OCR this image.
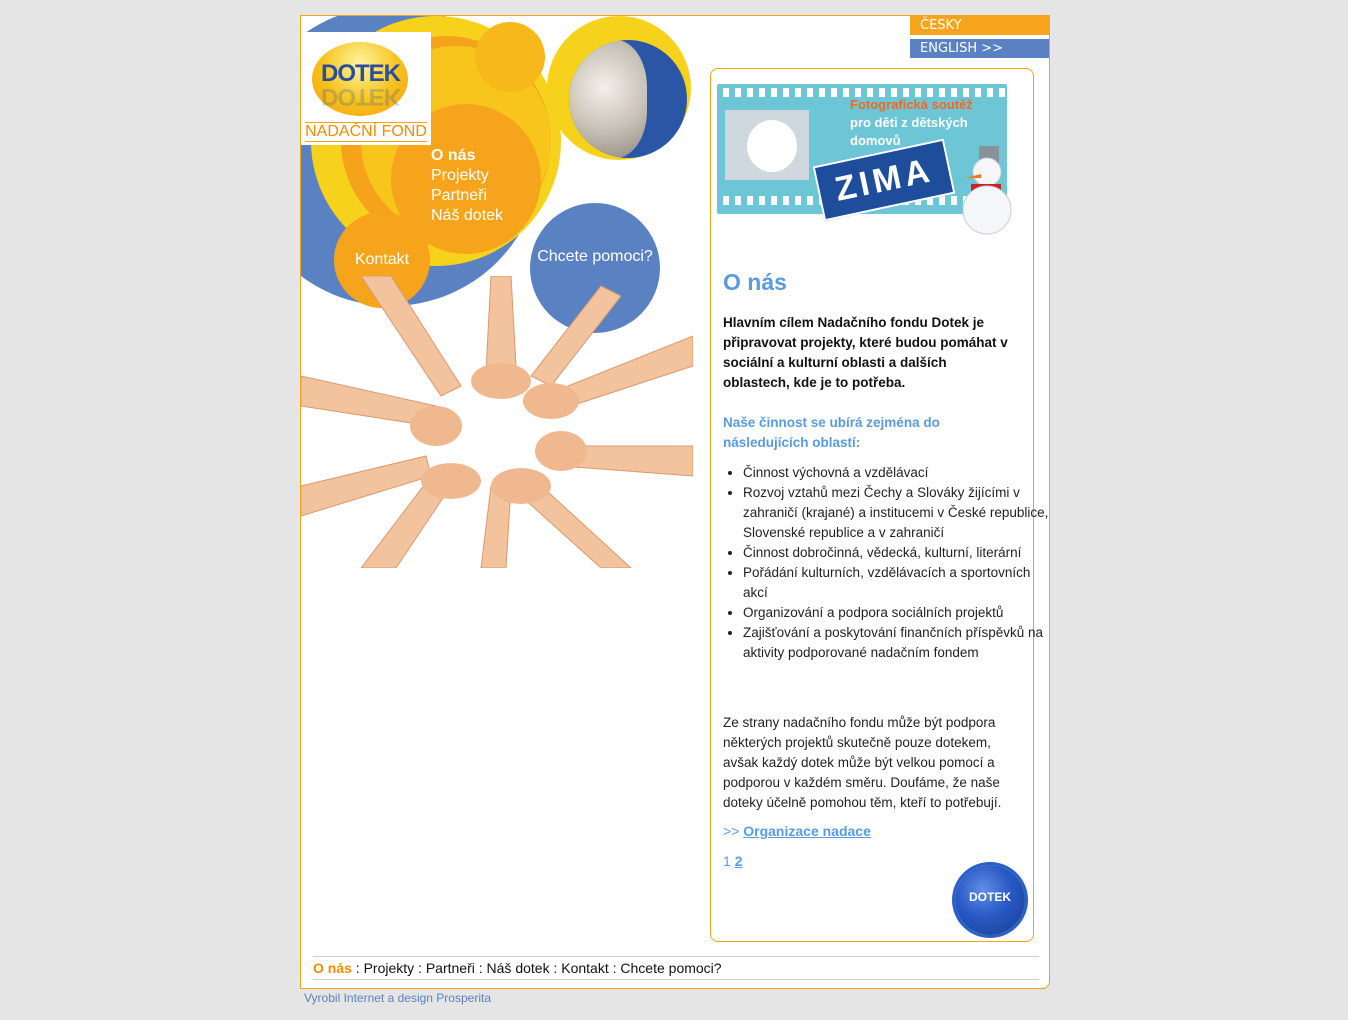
ČESKY
ENGLISH >>
DOTEK
DOTEK
NADAČNÍ FOND
O nás
Projekty
Partneři
Náš dotek
Kontakt	Chcete pomoci?
Fotografická soutěž
pro děti z dětských
domovů
ZIMA
O nás
Hlavním cílem Nadačního fondu Dotek je připravovat projekty, které budou pomáhat v sociální a kulturní oblasti a dalších oblastech, kde je to potřeba.
Naše činnost se ubírá zejména do následujících oblastí:
• Činnost výchovná a vzdělávací
• Rozvoj vztahů mezi Čechy a Slováky žijícími v zahraničí (krajané) a institucemi v České republice, Slovenské republice a v zahraničí
• Činnost dobročinná, vědecká, kulturní, literární
• Pořádání kulturních, vzdělávacích a sportovních akcí
• Organizování a podpora sociálních projektů
• Zajišťování a poskytování finančních příspěvků na aktivity podporované nadačním fondem
Ze strany nadačního fondu může být podpora některých projektů skutečně pouze dotekem, avšak každý dotek může být velkou pomocí a podporou v každém směru. Doufáme, že naše doteky účelně pomohou těm, kteří to potřebují.
>> Organizace nadace
1 2
DOTEK
O nás : Projekty : Partneři : Náš dotek : Kontakt : Chcete pomoci?
Vyrobil Internet a design Prosperita
